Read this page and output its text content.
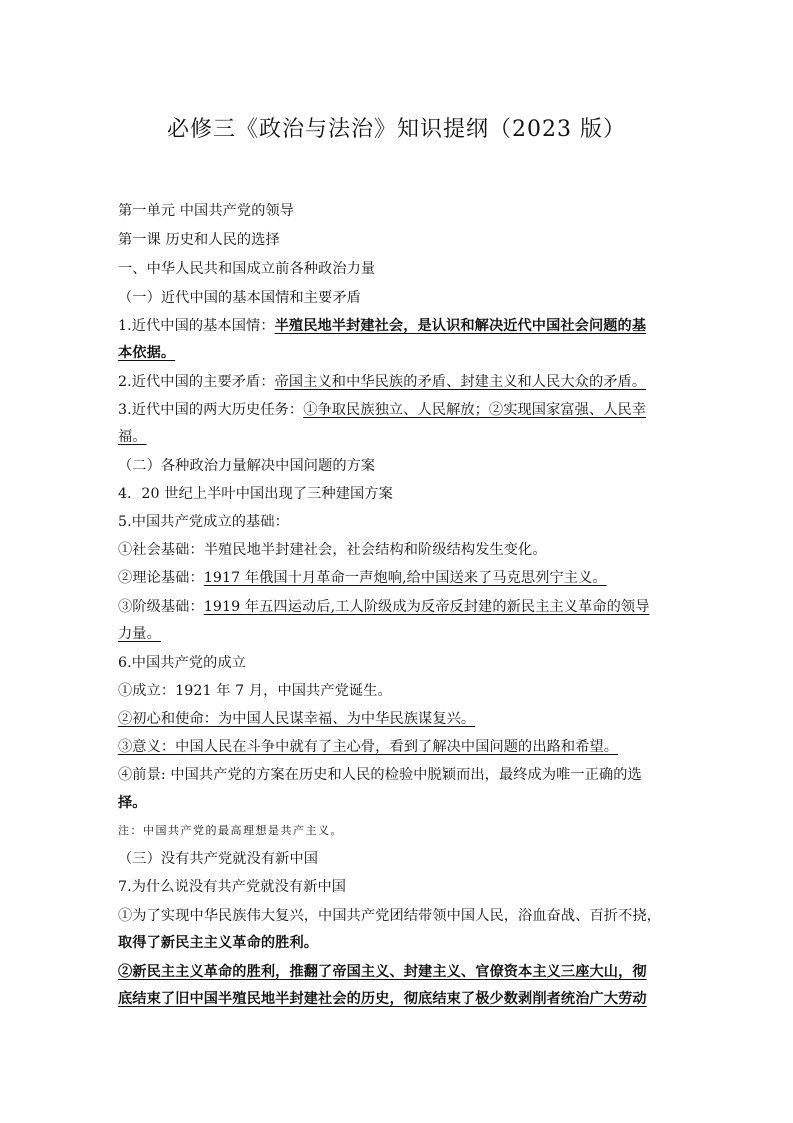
必修三《政治与法治》知识提纲（2023 版）
第一单元 中国共产党的领导
第一课 历史和人民的选择
一、中华人民共和国成立前各种政治力量
（一）近代中国的基本国情和主要矛盾
1.近代中国的基本国情：半殖民地半封建社会，是认识和解决近代中国社会问题的基
本依据。
2.近代中国的主要矛盾：帝国主义和中华民族的矛盾、封建主义和人民大众的矛盾。
3.近代中国的两大历史任务：①争取民族独立、人民解放；②实现国家富强、人民幸
福。
（二）各种政治力量解决中国问题的方案
4．20 世纪上半叶中国出现了三种建国方案
5.中国共产党成立的基础：
①社会基础：半殖民地半封建社会，社会结构和阶级结构发生变化。
②理论基础：1917 年俄国十月革命一声炮响,给中国送来了马克思列宁主义。
③阶级基础：1919 年五四运动后,工人阶级成为反帝反封建的新民主主义革命的领导
力量。
6.中国共产党的成立
①成立：1921 年 7 月，中国共产党诞生。
②初心和使命：为中国人民谋幸福、为中华民族谋复兴。
③意义：中国人民在斗争中就有了主心骨，看到了解决中国问题的出路和希望。
④前景: 中国共产党的方案在历史和人民的检验中脱颖而出，最终成为唯一正确的选
择。
注：中国共产党的最高理想是共产主义。
（三）没有共产党就没有新中国
7.为什么说没有共产党就没有新中国
①为了实现中华民族伟大复兴，中国共产党团结带领中国人民，浴血奋战、百折不挠，
取得了新民主主义革命的胜利。
②新民主主义革命的胜利，推翻了帝国主义、封建主义、官僚资本主义三座大山，彻
底结束了旧中国半殖民地半封建社会的历史，彻底结束了极少数剥削者统治广大劳动
